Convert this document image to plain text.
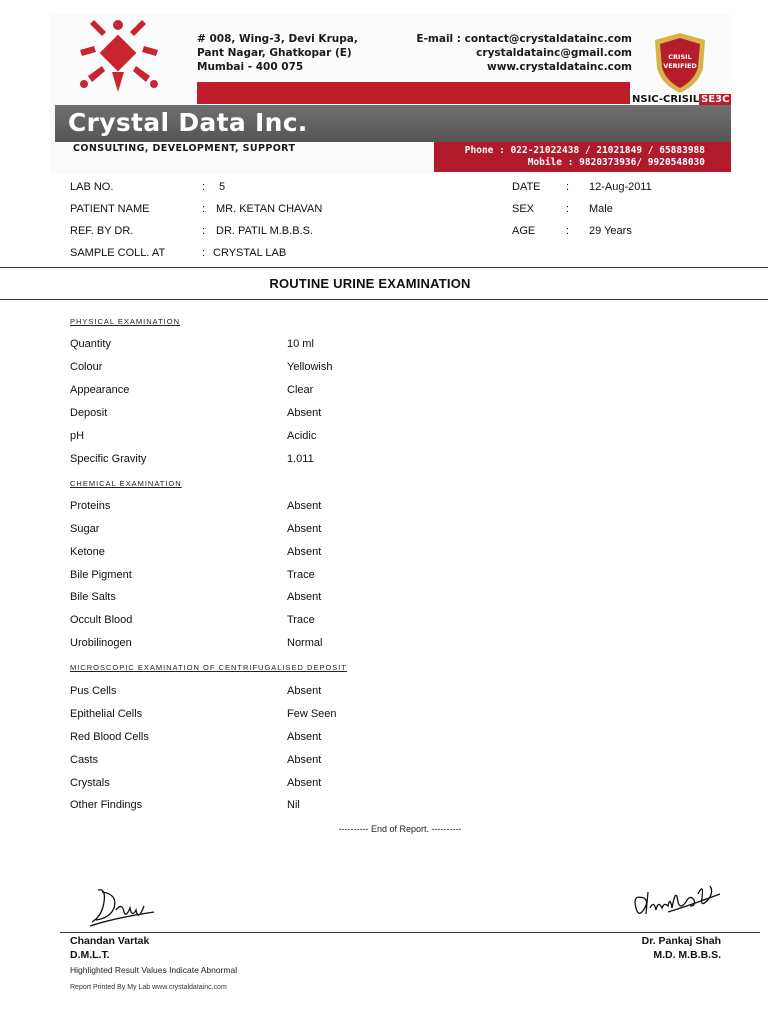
# 008, Wing-3, Devi Krupa,
Pant Nagar, Ghatkopar (E)
Mumbai - 400 075
E-mail : contact@crystaldatainc.com
crystaldatainc@gmail.com
www.crystaldatainc.com
CRISIL
VERIFIED
NSIC-CRISIL SE3C
Crystal Data Inc.
CONSULTING, DEVELOPMENT, SUPPORT	Phone : 022-21022438 / 21021849 / 65883988
Mobile : 9820373936/ 9920548030
LAB NO.	: 5
PATIENT NAME	: MR. KETAN CHAVAN
REF. BY DR.	: DR. PATIL M.B.B.S.
SAMPLE COLL. AT	: CRYSTAL LAB
DATE : 12-Aug-2011
SEX	: Male
AGE	: 29 Years
ROUTINE URINE EXAMINATION
PHYSICAL EXAMINATION
Quantity	10 ml
Colour	Yellowish
Appearance	Clear
Deposit	Absent
pH	Acidic
Specific Gravity	1.011
CHEMICAL EXAMINATION
Proteins	Absent
Sugar	Absent
Ketone	Absent
Bile Pigment	Trace
Bile Salts	Absent
Occult Blood	Trace
Urobilinogen	Normal
MICROSCOPIC EXAMINATION OF CENTRIFUGALISED DEPOSIT
Pus Cells	Absent
Epithelial Cells	Few Seen
Red Blood Cells	Absent
Casts	Absent
Crystals	Absent
Other Findings	Nil
---------- End of Report. ----------
Chandan Vartak
D.M.L.T.
Dr. Pankaj Shah
M.D. M.B.B.S.
Highlighted Result Values Indicate Abnormal
Report Printed By My Lab www.crystaldatainc.com
